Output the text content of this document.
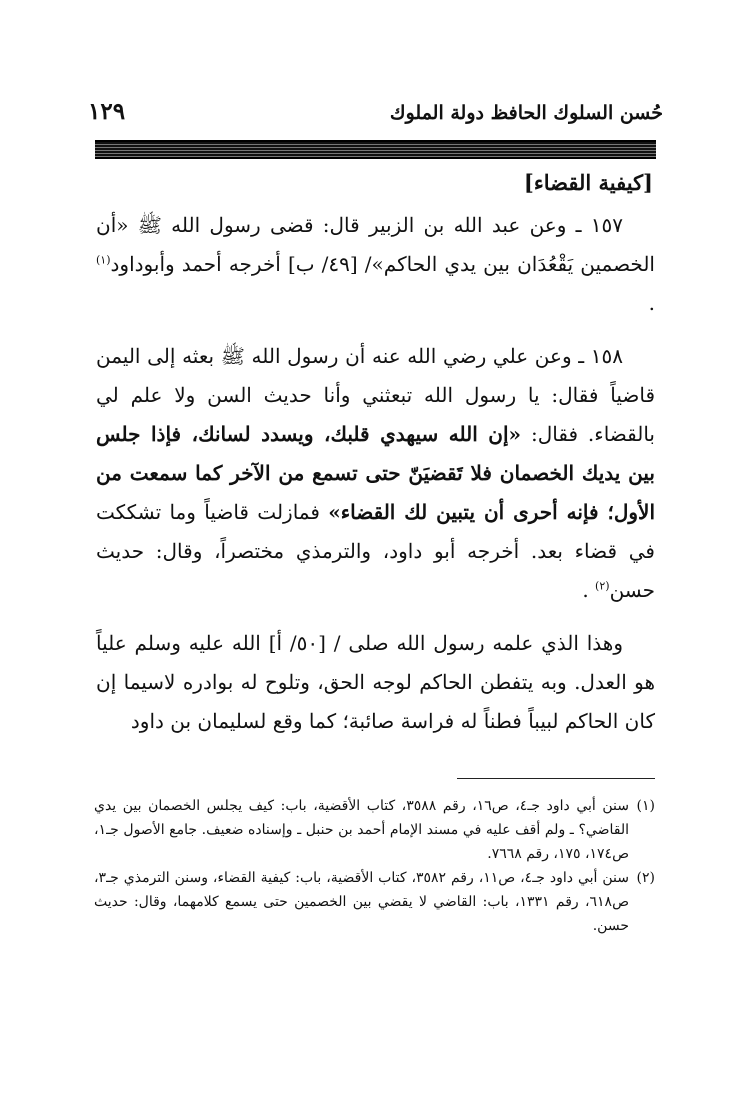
حُسن السلوك الحافظ دولة الملوك
١٢٩
[كيفية القضاء]

١٥٧ ـ وعن عبد الله بن الزبير قال: قضى رسول الله ﷺ «أن الخصمين يَقْعُدَان بين يدي الحاكم»/ [٤٩/ ب] أخرجه أحمد وأبوداود$^{(١)}$ .

١٥٨ ـ وعن علي رضي الله عنه أن رسول الله ﷺ بعثه إلى اليمن قاضياً فقال: يا رسول الله تبعثني وأنا حديث السن ولا علم لي بالقضاء. فقال: «إن الله سيهدي قلبك، ويسدد لسانك، فإذا جلس بين يديك الخصمان فلا تَقضيَنّ حتى تسمع من الآخر كما سمعت من الأول؛ فإنه أحرى أن يتبين لك القضاء» فمازلت قاضياً وما تشككت في قضاء بعد. أخرجه أبو داود، والترمذي مختصراً، وقال: حديث حسن$^{(٢)}$ .

وهذا الذي علمه رسول الله صلى / [٥٠/ أ] الله عليه وسلم علياً هو العدل. وبه يتفطن الحاكم لوجه الحق، وتلوح له بوادره لاسيما إن كان الحاكم لبيباً فطناً له فراسة صائبة؛ كما وقع لسليمان بن داود

(١)سنن أبي داود جـ٤، ص١٦، رقم ٣٥٨٨، كتاب الأقضية، باب: كيف يجلس الخصمان بين يدي القاضي؟ ـ ولم أقف عليه في مسند الإمام أحمد بن حنبل ـ وإسناده ضعيف. جامع الأصول جـ١، ص١٧٤، ١٧٥، رقم ٧٦٦٨.

(٢)سنن أبي داود جـ٤، ص١١، رقم ٣٥٨٢، كتاب الأقضية، باب: كيفية القضاء، وسنن الترمذي جـ٣، ص٦١٨، رقم ١٣٣١، باب: القاضي لا يقضي بين الخصمين حتى يسمع كلامهما، وقال: حديث حسن.
